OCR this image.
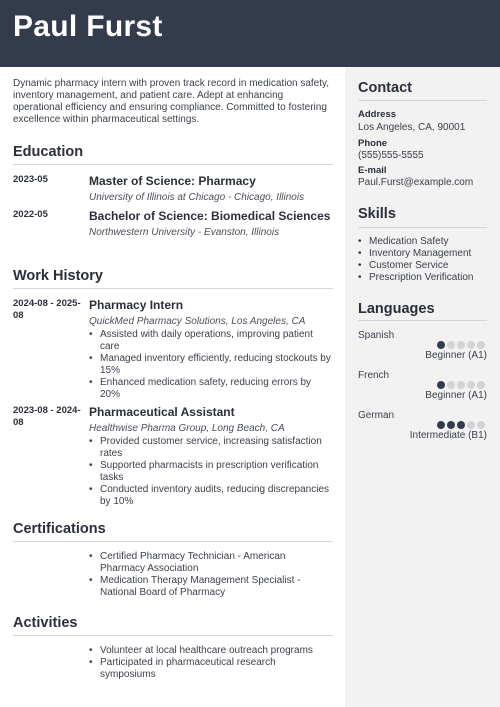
Paul Furst
Contact
Address
Los Angeles, CA, 90001
Phone
(555)555-5555
E-mail
Paul.Furst@example.com
Skills
• Medication Safety
• Inventory Management
• Customer Service
• Prescription Verification
Languages
Spanish
Beginner (A1)
French
Beginner (A1)
German
Intermediate (B1)
Dynamic pharmacy intern with proven track record in medication safety, inventory management, and patient care. Adept at enhancing operational efficiency and ensuring compliance. Committed to fostering excellence within pharmaceutical settings.
Education
2023-05	Master of Science: Pharmacy
University of Illinois at Chicago - Chicago, Illinois
2022-05	Bachelor of Science: Biomedical Sciences
Northwestern University - Evanston, Illinois
Work History
2024-08 - 2025-08
Pharmacy Intern
QuickMed Pharmacy Solutions, Los Angeles, CA
• Assisted with daily operations, improving patient care
• Managed inventory efficiently, reducing stockouts by 15%
• Enhanced medication safety, reducing errors by 20%
2023-08 - 2024-08
Pharmaceutical Assistant
Healthwise Pharma Group, Long Beach, CA
• Provided customer service, increasing satisfaction rates
• Supported pharmacists in prescription verification tasks
• Conducted inventory audits, reducing discrepancies by 10%
Certifications
• Certified Pharmacy Technician - American Pharmacy Association
• Medication Therapy Management Specialist - National Board of Pharmacy
Activities
• Volunteer at local healthcare outreach programs
• Participated in pharmaceutical research symposiums
